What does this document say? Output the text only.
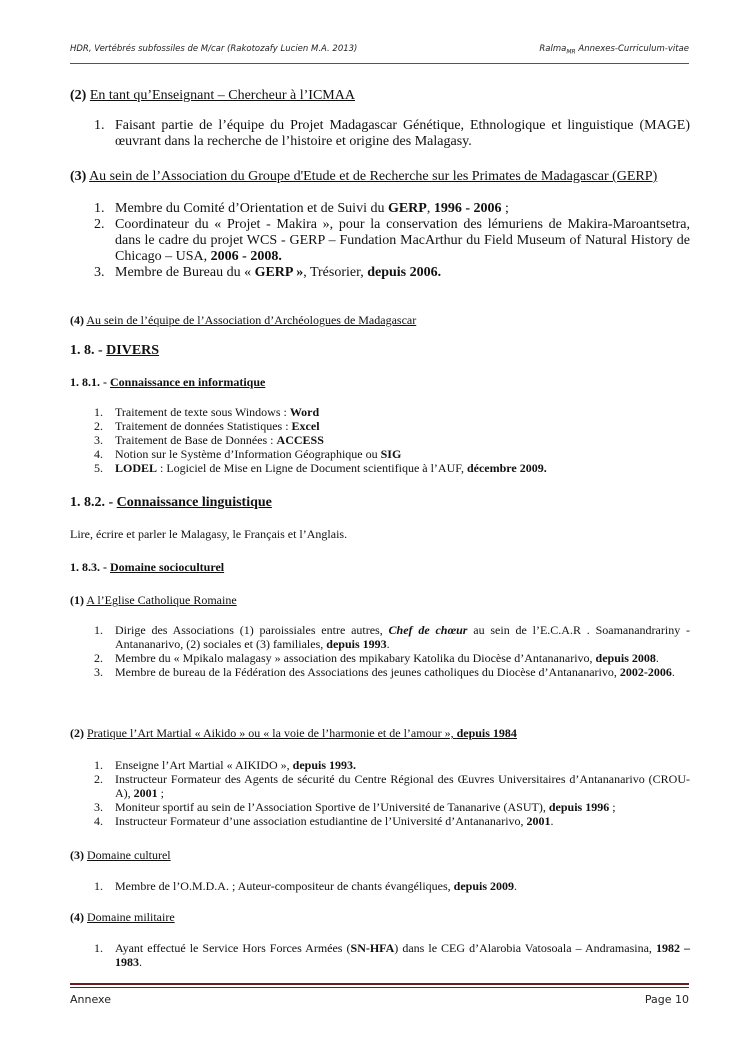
HDR, Vertébrés subfossiles de M/car (Rakotozafy Lucien M.A. 2013)	Ralma$_{MR}$ Annexes-Curriculum-vitae

(2) En tant qu’Enseignant – Chercheur à l’ICMAA

1. Faisant partie de l’équipe du Projet Madagascar Génétique, Ethnologique et linguistique (MAGE) œuvrant dans la recherche de l’histoire et origine des Malagasy.

(3) Au sein de l’Association du Groupe d'Etude et de Recherche sur les Primates de Madagascar (GERP)

1. Membre du Comité d’Orientation et de Suivi du GERP, 1996 - 2006 ;
2. Coordinateur du « Projet - Makira », pour la conservation des lémuriens de Makira-Maroantsetra, dans le cadre du projet WCS - GERP – Fundation MacArthur du Field Museum of Natural History de Chicago – USA, 2006 - 2008.
3. Membre de Bureau du « GERP », Trésorier, depuis 2006.

(4) Au sein de l’équipe de l’Association d’Archéologues de Madagascar

1. 8. - DIVERS

1. 8.1. - Connaissance en informatique

1. Traitement de texte sous Windows : Word
2. Traitement de données Statistiques : Excel
3. Traitement de Base de Données : ACCESS
4. Notion sur le Système d’Information Géographique ou SIG
5. LODEL : Logiciel de Mise en Ligne de Document scientifique à l’AUF, décembre 2009.

1. 8.2. - Connaissance linguistique

Lire, écrire et parler le Malagasy, le Français et l’Anglais.

1. 8.3. - Domaine socioculturel

(1) A l’Eglise Catholique Romaine

1. Dirige des Associations (1) paroissiales entre autres, Chef de chœur au sein de l’E.C.A.R . Soamanandrariny - Antananarivo, (2) sociales et (3) familiales, depuis 1993.
2. Membre du « Mpikalo malagasy » association des mpikabary Katolika du Diocèse d’Antananarivo, depuis 2008.
3. Membre de bureau de la Fédération des Associations des jeunes catholiques du Diocèse d’Antananarivo, 2002-2006.

(2) Pratique l’Art Martial « Aikido » ou « la voie de l’harmonie et de l’amour », depuis 1984

1. Enseigne l’Art Martial « AIKIDO », depuis 1993.
2. Instructeur Formateur des Agents de sécurité du Centre Régional des Œuvres Universitaires d’Antananarivo (CROU-A), 2001 ;
3. Moniteur sportif au sein de l’Association Sportive de l’Université de Tananarive (ASUT), depuis 1996 ;
4. Instructeur Formateur d’une association estudiantine de l’Université d’Antananarivo, 2001.

(3) Domaine culturel

1. Membre de l’O.M.D.A. ; Auteur-compositeur de chants évangéliques, depuis 2009.

(4) Domaine militaire

1. Ayant effectué le Service Hors Forces Armées (SN-HFA) dans le CEG d’Alarobia Vatosoala – Andramasina, 1982 – 1983.
Annexe	Page 10
